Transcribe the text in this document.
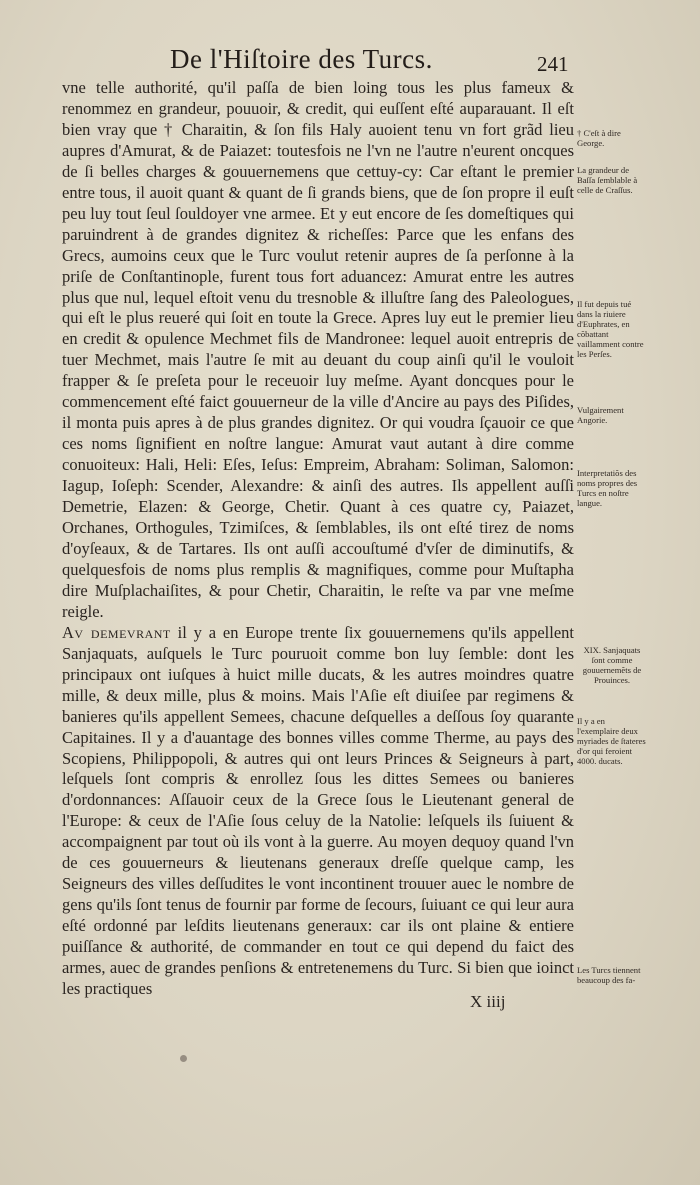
De l'Hiſtoire des Turcs.	241

vne telle authorité, qu'il paſſa de bien loing tous les plus fameux & renommez en grandeur, pouuoir, & credit, qui euſſent eſté auparauant. Il eſt bien vray que † Charaitin, & ſon fils Haly auoient tenu vn fort grãd lieu aupres d'Amurat, & de Paiazet: toutesfois ne l'vn ne l'autre n'eurent oncques de ſi belles charges & gouuernemens que cettuy-cy: Car eſtant le premier entre tous, il auoit quant & quant de ſi grands biens, que de ſon propre il euſt peu luy tout ſeul ſouldoyer vne armee. Et y eut encore de ſes domeſtiques qui paruindrent à de grandes dignitez & richeſſes: Parce que les enfans des Grecs, aumoins ceux que le Turc voulut retenir aupres de ſa perſonne à la priſe de Conſtantinople, furent tous fort aduancez: Amurat entre les autres plus que nul, lequel eſtoit venu du tresnoble & illuſtre ſang des Paleologues, qui eſt le plus reueré qui ſoit en toute la Grece. Apres luy eut le premier lieu en credit & opulence Mechmet fils de Mandronee: lequel auoit entrepris de tuer Mechmet, mais l'autre ſe mit au deuant du coup ainſi qu'il le vouloit frapper & ſe preſeta pour le receuoir luy meſme. Ayant doncques pour le commencement eſté faict gouuerneur de la ville d'Ancire au pays des Piſides, il monta puis apres à de plus grandes dignitez. Or qui voudra ſçauoir ce que ces noms ſignifient en noſtre langue: Amurat vaut autant à dire comme conuoiteux: Hali, Heli: Eſes, Ieſus: Empreim, Abraham: Soliman, Salomon: Iagup, Ioſeph: Scender, Alexandre: & ainſi des autres. Ils appellent auſſi Demetrie, Elazen: & George, Chetir. Quant à ces quatre cy, Paiazet, Orchanes, Orthogules, Tzimiſces, & ſemblables, ils ont eſté tirez de noms d'oyſeaux, & de Tartares. Ils ont auſſi accouſtumé d'vſer de diminutifs, & quelquesfois de noms plus remplis & magnifiques, comme pour Muſtapha dire Muſplachaiſites, & pour Chetir, Charaitin, le reſte va par vne meſme reigle.

Av demevrant il y a en Europe trente ſix gouuernemens qu'ils appellent Sanjaquats, auſquels le Turc pouruoit comme bon luy ſemble: dont les principaux ont iuſques à huict mille ducats, & les autres moindres quatre mille, & deux mille, plus & moins. Mais l'Aſie eſt diuiſee par regimens & banieres qu'ils appellent Semees, chacune deſquelles a deſſous ſoy quarante Capitaines. Il y a d'auantage des bonnes villes comme Therme, au pays des Scopiens, Philippopoli, & autres qui ont leurs Princes & Seigneurs à part, leſquels ſont compris & enrollez ſous les dittes Semees ou banieres d'ordonnances: Aſſauoir ceux de la Grece ſous le Lieutenant general de l'Europe: & ceux de l'Aſie ſous celuy de la Natolie: leſquels ils ſuiuent & accompaignent par tout où ils vont à la guerre. Au moyen dequoy quand l'vn de ces gouuerneurs & lieutenans generaux dreſſe quelque camp, les Seigneurs des villes deſſudites le vont incontinent trouuer auec le nombre de gens qu'ils ſont tenus de fournir par forme de ſecours, ſuiuant ce qui leur aura eſté ordonné par leſdits lieutenans generaux: car ils ont plaine & entiere puiſſance & authorité, de commander en tout ce qui depend du faict des armes, auec de grandes penſions & entretenemens du Turc. Si bien que ioinct les practiques

† C'eſt à dire George.
La grandeur de Baſſa ſemblable à celle de Craſſus.
Il fut depuis tué dans la riuiere d'Euphrates, en cõbattant vaillamment contre les Perſes.
Vulgairement Angorie.
Interpretatiõs des noms propres des Turcs en noſtre langue.
XIX. Sanjaquats ſont comme gouuernemẽts de Prouinces.
Il y a en l'exemplaire deux myriades de ſtateres d'or qui feroient 4000. ducats.
Les Turcs tiennent beaucoup des fa-
X iiij
